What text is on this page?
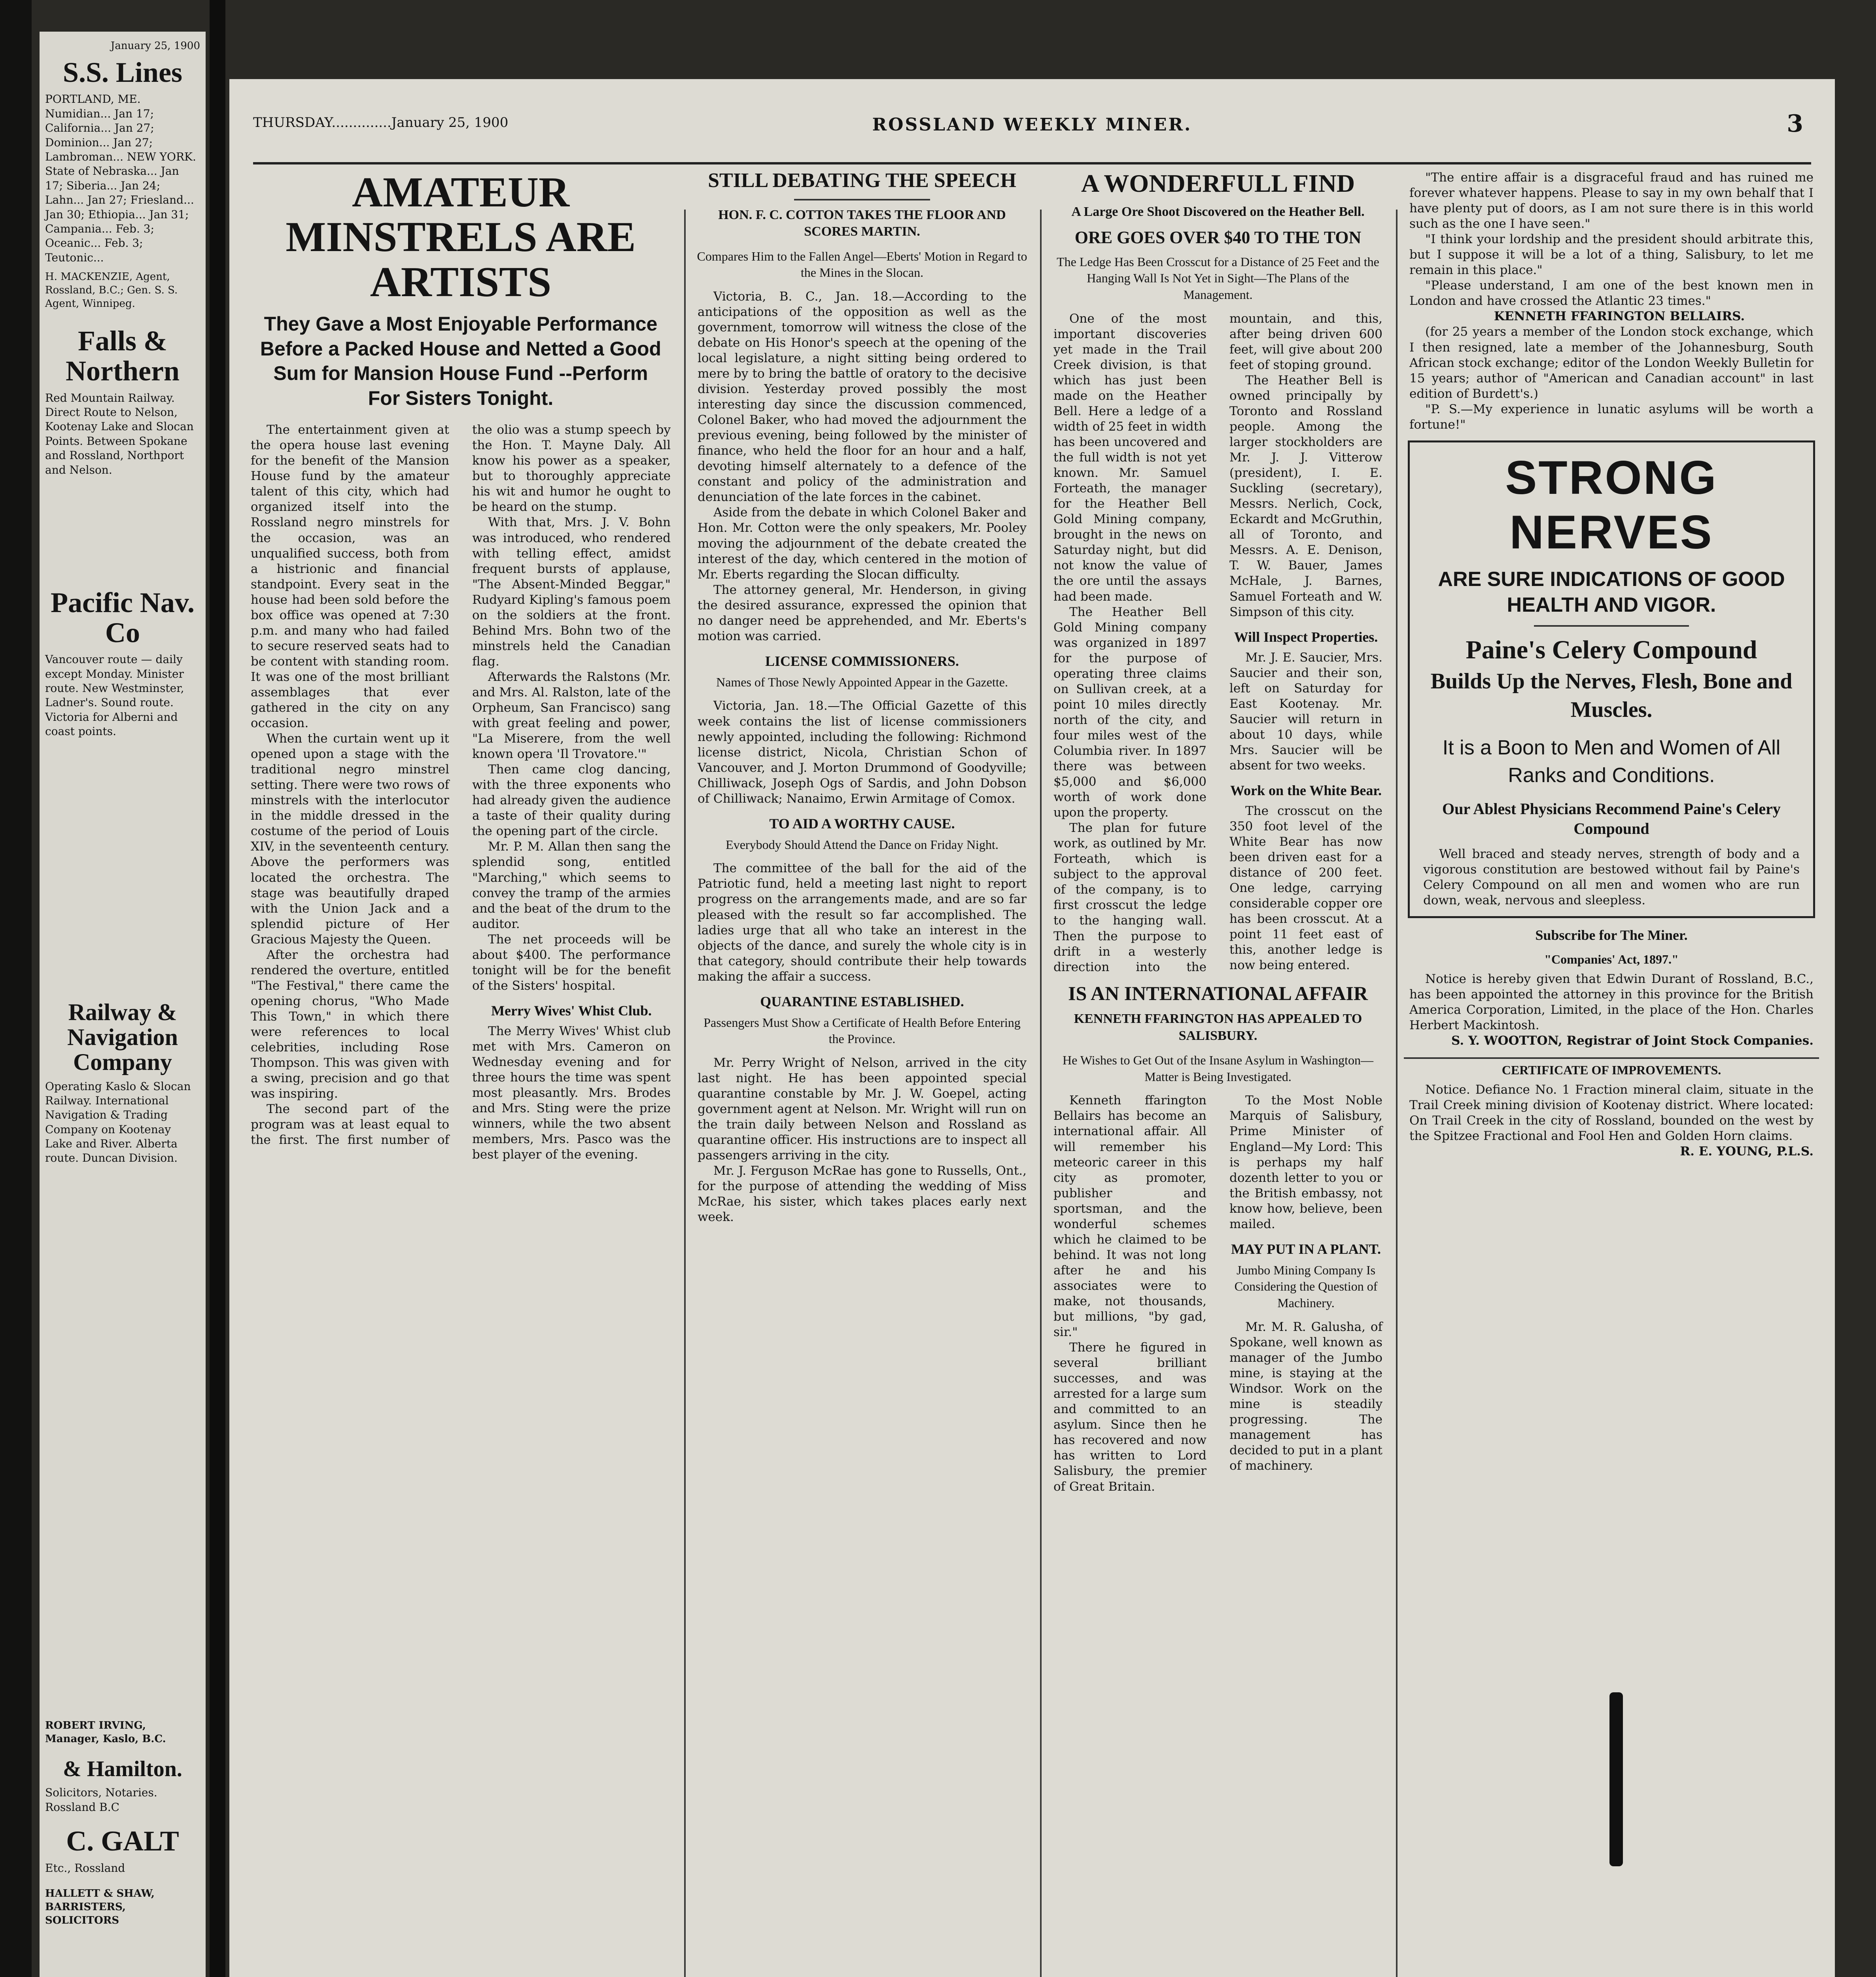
January 25, 1900
S.S. Lines
PORTLAND, ME. Numidian... Jan 17; California... Jan 27; Dominion... Jan 27; Lambroman... NEW YORK. State of Nebraska... Jan 17; Siberia... Jan 24; Lahn... Jan 27; Friesland... Jan 30; Ethiopia... Jan 31; Campania... Feb. 3; Oceanic... Feb. 3; Teutonic...
H. MACKENZIE, Agent, Rossland, B.C.; Gen. S. S. Agent, Winnipeg.
Falls & Northern
Red Mountain Railway. Direct Route to Nelson, Kootenay Lake and Slocan Points. Between Spokane and Rossland, Northport and Nelson.
Pacific Nav. Co
Vancouver route — daily except Monday. Minister route. New Westminster, Ladner's. Sound route. Victoria for Alberni and coast points.
Railway & Navigation Company
Operating Kaslo & Slocan Railway. International Navigation & Trading Company on Kootenay Lake and River. Alberta route. Duncan Division.
ROBERT IRVING, Manager, Kaslo, B.C.
& Hamilton.
Solicitors, Notaries. Rossland B.C
C. GALT
Etc., Rossland
HALLETT & SHAW, BARRISTERS, SOLICITORS
THURSDAY..............January 25, 1900	ROSSLAND WEEKLY MINER.	3
AMATEUR MINSTRELS ARE ARTISTS
They Gave a Most Enjoyable Performance Before a Packed House and Netted a Good Sum for Mansion House Fund --Perform For Sisters Tonight.

The entertainment given at the opera house last evening for the benefit of the Mansion House fund by the amateur talent of this city, which had organized itself into the Rossland negro minstrels for the occasion, was an unqualified success, both from a histrionic and financial standpoint. Every seat in the house had been sold before the box office was opened at 7:30 p.m. and many who had failed to secure reserved seats had to be content with standing room. It was one of the most brilliant assemblages that ever gathered in the city on any occasion.

When the curtain went up it opened upon a stage with the traditional negro minstrel setting. There were two rows of minstrels with the interlocutor in the middle dressed in the costume of the period of Louis XIV, in the seventeenth century. Above the performers was located the orchestra. The stage was beautifully draped with the Union Jack and a splendid picture of Her Gracious Majesty the Queen.

After the orchestra had rendered the overture, entitled "The Festival," there came the opening chorus, "Who Made This Town," in which there were references to local celebrities, including Rose Thompson. This was given with a swing, precision and go that was inspiring.

The second part of the program was at least equal to the first. The first number of the olio was a stump speech by the Hon. T. Mayne Daly. All know his power as a speaker, but to thoroughly appreciate his wit and humor he ought to be heard on the stump.

With that, Mrs. J. V. Bohn was introduced, who rendered with telling effect, amidst frequent bursts of applause, "The Absent-Minded Beggar," Rudyard Kipling's famous poem on the soldiers at the front. Behind Mrs. Bohn two of the minstrels held the Canadian flag.

Afterwards the Ralstons (Mr. and Mrs. Al. Ralston, late of the Orpheum, San Francisco) sang with great feeling and power, "La Miserere, from the well known opera 'Il Trovatore.'"

Then came clog dancing, with the three exponents who had already given the audience a taste of their quality during the opening part of the circle.

Mr. P. M. Allan then sang the splendid song, entitled "Marching," which seems to convey the tramp of the armies and the beat of the drum to the auditor.

The net proceeds will be about $400. The performance tonight will be for the benefit of the Sisters' hospital.

Merry Wives' Whist Club.

The Merry Wives' Whist club met with Mrs. Cameron on Wednesday evening and for three hours the time was spent most pleasantly. Mrs. Brodes and Mrs. Sting were the prize winners, while the two absent members, Mrs. Pasco was the best player of the evening.

STILL DEBATING THE SPEECH
HON. F. C. COTTON TAKES THE FLOOR AND SCORES MARTIN.
Compares Him to the Fallen Angel—Eberts' Motion in Regard to the Mines in the Slocan.

Victoria, B. C., Jan. 18.—According to the anticipations of the opposition as well as the government, tomorrow will witness the close of the debate on His Honor's speech at the opening of the local legislature, a night sitting being ordered to mere by to bring the battle of oratory to the decisive division. Yesterday proved possibly the most interesting day since the discussion commenced, Colonel Baker, who had moved the adjournment the previous evening, being followed by the minister of finance, who held the floor for an hour and a half, devoting himself alternately to a defence of the constant and policy of the administration and denunciation of the late forces in the cabinet.

Aside from the debate in which Colonel Baker and Hon. Mr. Cotton were the only speakers, Mr. Pooley moving the adjournment of the debate created the interest of the day, which centered in the motion of Mr. Eberts regarding the Slocan difficulty.

The attorney general, Mr. Henderson, in giving the desired assurance, expressed the opinion that no danger need be apprehended, and Mr. Eberts's motion was carried.

LICENSE COMMISSIONERS.
Names of Those Newly Appointed Appear in the Gazette.

Victoria, Jan. 18.—The Official Gazette of this week contains the list of license commissioners newly appointed, including the following: Richmond license district, Nicola, Christian Schon of Vancouver, and J. Morton Drummond of Goodyville; Chilliwack, Joseph Ogs of Sardis, and John Dobson of Chilliwack; Nanaimo, Erwin Armitage of Comox.

TO AID A WORTHY CAUSE.
Everybody Should Attend the Dance on Friday Night.

The committee of the ball for the aid of the Patriotic fund, held a meeting last night to report progress on the arrangements made, and are so far pleased with the result so far accomplished. The ladies urge that all who take an interest in the objects of the dance, and surely the whole city is in that category, should contribute their help towards making the affair a success.

QUARANTINE ESTABLISHED.
Passengers Must Show a Certificate of Health Before Entering the Province.

Mr. Perry Wright of Nelson, arrived in the city last night. He has been appointed special quarantine constable by Mr. J. W. Goepel, acting government agent at Nelson. Mr. Wright will run on the train daily between Nelson and Rossland as quarantine officer. His instructions are to inspect all passengers arriving in the city.

Mr. J. Ferguson McRae has gone to Russells, Ont., for the purpose of attending the wedding of Miss McRae, his sister, which takes places early next week.

A WONDERFULL FIND
A Large Ore Shoot Discovered on the Heather Bell.
ORE GOES OVER $40 TO THE TON
The Ledge Has Been Crosscut for a Distance of 25 Feet and the Hanging Wall Is Not Yet in Sight—The Plans of the Management.

One of the most important discoveries yet made in the Trail Creek division, is that which has just been made on the Heather Bell. Here a ledge of a width of 25 feet in width has been uncovered and the full width is not yet known. Mr. Samuel Forteath, the manager for the Heather Bell Gold Mining company, brought in the news on Saturday night, but did not know the value of the ore until the assays had been made.

The Heather Bell Gold Mining company was organized in 1897 for the purpose of operating three claims on Sullivan creek, at a point 10 miles directly north of the city, and four miles west of the Columbia river. In 1897 there was between $5,000 and $6,000 worth of work done upon the property.

The plan for future work, as outlined by Mr. Forteath, which is subject to the approval of the company, is to first crosscut the ledge to the hanging wall. Then the purpose to drift in a westerly direction into the mountain, and this, after being driven 600 feet, will give about 200 feet of stoping ground.

The Heather Bell is owned principally by Toronto and Rossland people. Among the larger stockholders are Mr. J. J. Vitterow (president), I. E. Suckling (secretary), Messrs. Nerlich, Cock, Eckardt and McGruthin, all of Toronto, and Messrs. A. E. Denison, T. W. Bauer, James McHale, J. Barnes, Samuel Forteath and W. Simpson of this city.

Will Inspect Properties.

Mr. J. E. Saucier, Mrs. Saucier and their son, left on Saturday for East Kootenay. Mr. Saucier will return in about 10 days, while Mrs. Saucier will be absent for two weeks.

Work on the White Bear.

The crosscut on the 350 foot level of the White Bear has now been driven east for a distance of 200 feet. One ledge, carrying considerable copper ore has been crosscut. At a point 11 feet east of this, another ledge is now being entered.

IS AN INTERNATIONAL AFFAIR
KENNETH FFARINGTON HAS APPEALED TO SALISBURY.
He Wishes to Get Out of the Insane Asylum in Washington—Matter is Being Investigated.

Kenneth ffarington Bellairs has become an international affair. All will remember his meteoric career in this city as promoter, publisher and sportsman, and the wonderful schemes which he claimed to be behind. It was not long after he and his associates were to make, not thousands, but millions, "by gad, sir."

There he figured in several brilliant successes, and was arrested for a large sum and committed to an asylum. Since then he has recovered and now has written to Lord Salisbury, the premier of Great Britain.

To the Most Noble Marquis of Salisbury, Prime Minister of England—My Lord: This is perhaps my half dozenth letter to you or the British embassy, not know how, believe, been mailed.

MAY PUT IN A PLANT.
Jumbo Mining Company Is Considering the Question of Machinery.

Mr. M. R. Galusha, of Spokane, well known as manager of the Jumbo mine, is staying at the Windsor. Work on the mine is steadily progressing. The management has decided to put in a plant of machinery.

"The entire affair is a disgraceful fraud and has ruined me forever whatever happens. Please to say in my own behalf that I have plenty put of doors, as I am not sure there is in this world such as the one I have seen."

"I think your lordship and the president should arbitrate this, but I suppose it will be a lot of a thing, Salisbury, to let me remain in this place."

"Please understand, I am one of the best known men in London and have crossed the Atlantic 23 times."

KENNETH FFARINGTON BELLAIRS.

(for 25 years a member of the London stock exchange, which I then resigned, late a member of the Johannesburg, South African stock exchange; editor of the London Weekly Bulletin for 15 years; author of "American and Canadian account" in last edition of Burdett's.)

"P. S.—My experience in lunatic asylums will be worth a fortune!"

STRONG NERVES
ARE SURE INDICATIONS OF GOOD HEALTH AND VIGOR.
Paine's Celery Compound
Builds Up the Nerves, Flesh, Bone and Muscles.
It is a Boon to Men and Women of All Ranks and Conditions.
Our Ablest Physicians Recommend Paine's Celery Compound

Well braced and steady nerves, strength of body and a vigorous constitution are bestowed without fail by Paine's Celery Compound on all men and women who are run down, weak, nervous and sleepless.

Subscribe for The Miner.
"Companies' Act, 1897."

Notice is hereby given that Edwin Durant of Rossland, B.C., has been appointed the attorney in this province for the British America Corporation, Limited, in the place of the Hon. Charles Herbert Mackintosh.

S. Y. WOOTTON, Registrar of Joint Stock Companies.

CERTIFICATE OF IMPROVEMENTS.

Notice. Defiance No. 1 Fraction mineral claim, situate in the Trail Creek mining division of Kootenay district. Where located: On Trail Creek in the city of Rossland, bounded on the west by the Spitzee Fractional and Fool Hen and Golden Horn claims.

R. E. YOUNG, P.L.S.
